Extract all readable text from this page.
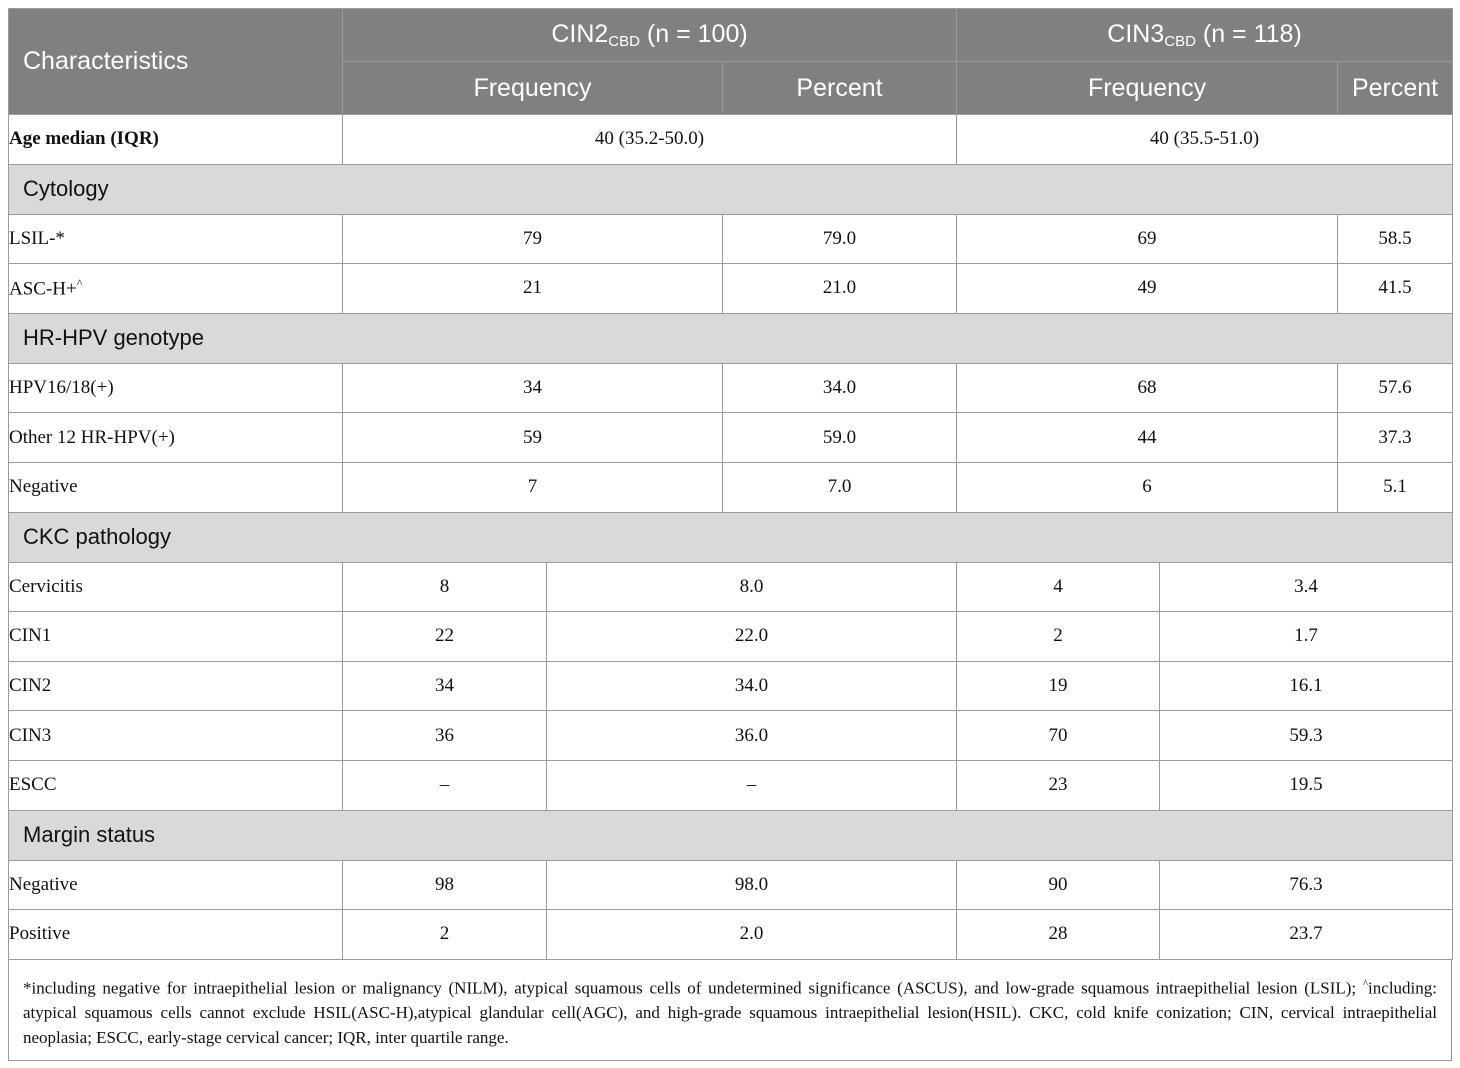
Characteristics	$CIN2_{CBD}$ (n = 100)			$CIN3_{CBD}$ (n = 118)		
	Frequency		Percent	Frequency		Percent
Age median (IQR)	40 (35.2-50.0)			40 (35.5-51.0)		
Cytology						
LSIL-*	79		79.0	69		58.5
ASC-H+^	21		21.0	49		41.5
HR-HPV genotype						
HPV16/18(+)	34		34.0	68		57.6
Other 12 HR-HPV(+)	59		59.0	44		37.3
Negative	7		7.0	6		5.1
CKC pathology						
Cervicitis	8	8.0		4	3.4	
CIN1	22	22.0		2	1.7	
CIN2	34	34.0		19	16.1	
CIN3	36	36.0		70	59.3	
ESCC	–	–		23	19.5	
Margin status						
Negative	98	98.0		90	76.3	
Positive	2	2.0		28	23.7	
*including negative for intraepithelial lesion or malignancy (NILM), atypical squamous cells of undetermined significance (ASCUS), and low-grade squamous intraepithelial lesion (LSIL); ^including: atypical squamous cells cannot exclude HSIL(ASC-H),atypical glandular cell(AGC), and high-grade squamous intraepithelial lesion(HSIL). CKC, cold knife conization; CIN, cervical intraepithelial neoplasia; ESCC, early-stage cervical cancer; IQR, inter quartile range.
